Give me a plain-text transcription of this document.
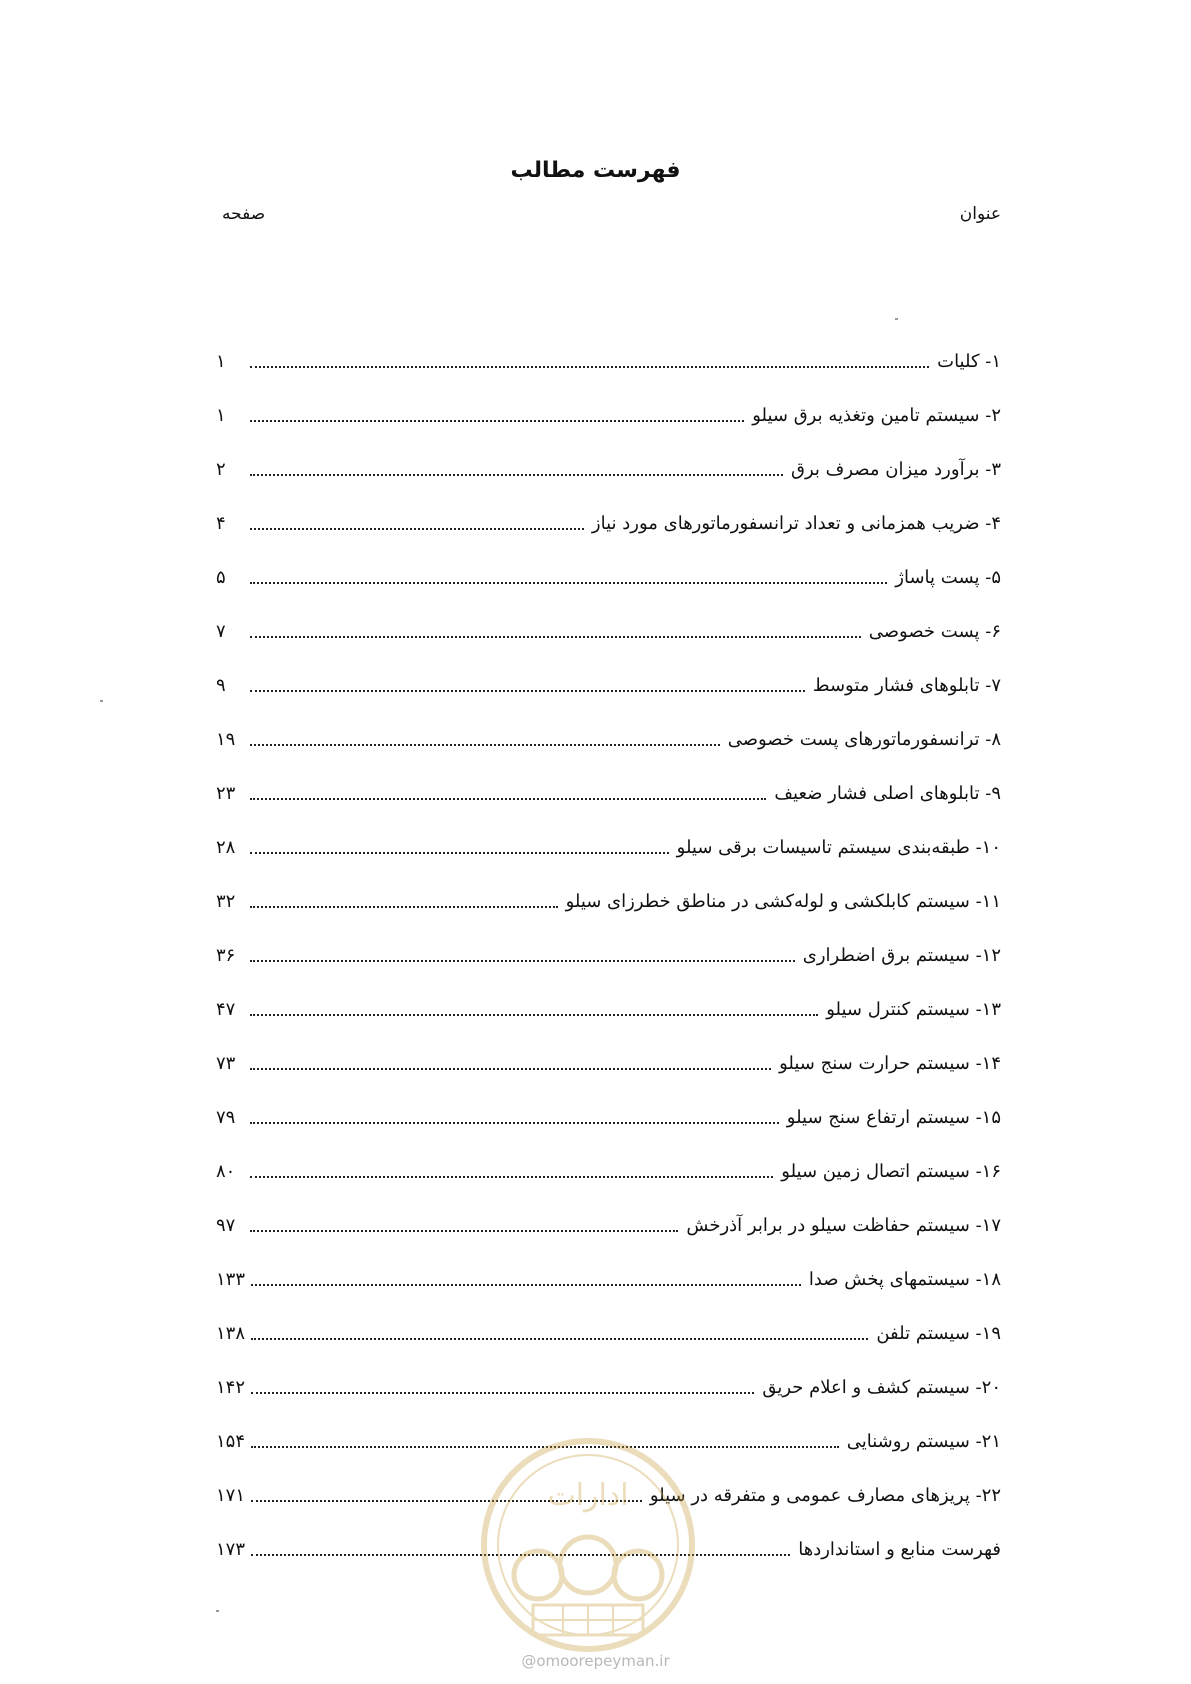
فهرست مطالب
عنوان
صفحه
۱- کلیات
۱
۲- سیستم تامین وتغذیه برق سیلو
۱
۳- برآورد میزان مصرف برق
۲
۴- ضریب همزمانی و تعداد ترانسفورماتورهای مورد نیاز
۴
۵- پست پاساژ
۵
۶- پست خصوصی
۷
۷- تابلوهای فشار متوسط
۹
۸- ترانسفورماتورهای پست خصوصی
۱۹
۹- تابلوهای اصلی فشار ضعیف
۲۳
۱۰- طبقه‌بندی سیستم تاسیسات برقی سیلو
۲۸
۱۱- سیستم کابلکشی و لوله‌کشی در مناطق خطرزای سیلو
۳۲
۱۲- سیستم برق اضطراری
۳۶
۱۳- سیستم کنترل سیلو
۴۷
۱۴- سیستم حرارت سنج سیلو
۷۳
۱۵- سیستم ارتفاع سنج سیلو
۷۹
۱۶- سیستم اتصال زمین سیلو
۸۰
۱۷- سیستم حفاظت سیلو در برابر آذرخش
۹۷
۱۸- سیستمهای پخش صدا
۱۳۳
۱۹- سیستم تلفن
۱۳۸
۲۰- سیستم کشف و اعلام حریق
۱۴۲
۲۱- سیستم روشنایی
۱۵۴
۲۲- پریزهای مصارف عمومی و متفرقه در سیلو
۱۷۱
فهرست منابع و استانداردها
۱۷۳
ادارات
@omoorepeyman.ir
